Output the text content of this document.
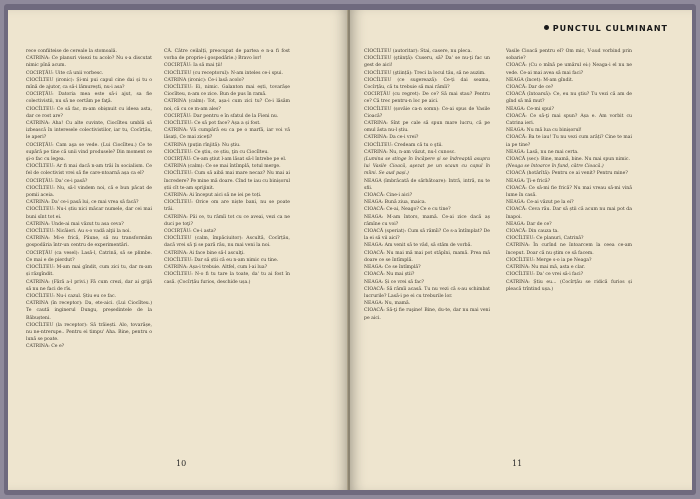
rece confiiteise de cereale la stomoalä.

CATRINA: Ce planuri visezi tu acolo? Nu s-a discutat nimic pînă acum.

COCIRȚĂU: Uite că unii vorbesc.

CIOCÎLTEU (ironic): Și-mi pui capul cine dai și tu o mînă de ajutor, ca să-i lămurești, nu-i asa?

COCIRȚĂU: Datoria mea este să-i ajut, sa fie colectivistii, nu să ne certăm pe faţă.

CIOCÎLTEU: Ce să fac, m-am obișnuit cu ideea asta, dar ce rost are?

CATRINA: Aha! Cu alte cuvinte, Ciocîlteu umblă să izbească în interesele colectivistilor, iar tu, Cocîrțău, le aperi?

COCIRȚĂU: Cam aşa se vede. (Lui Ciocîlteu.) Ce te supără pe tine că unii vind produsele? Din moment ce şi-o fac cu legea.

CIOCÎLTEU: Ar fi mai dacă n-am trăi în socialism. Ce fel de colectivist vrei să fie care-ntoarnă așa ca el?

COCIRȚĂU: Da' ce-i pasă?

CIOCÎLTEU: Nu, să-l vindem noi, că e bun păcat de pomii aceia.

CATRINA: Da' ce-i pasă lui, ce mai vrea să facă?

CIOCÎLTEU: Nu-i știu nici măcar numele, dar cei mai buni sînt tot ei.

CATRINA: Unde-ai mai văzut tu asa ceva?

CIOCÎLTEU: Nicăieri. Au s-o vadă alţii la noi.

CATRINA: Mi-e frică, Păune, să nu transformăm gospodăria într-un centru de experimentări.

COCIRȚĂU (ca vesel): Lasă-l, Catrină, să se plimbe. Ce mai e de pierdut?

CIOCÎLTEU: M-am mai gîndit, cum zici tu, dar m-am și răzgîndit.

CATRINA: (Fără a-l privi.) Fă cum crezi, dar ai grijă să nu ne faci de rîs.

CIOCÎLTEU: Nu-i cazul. Știu eu ce fac.

CATRINA (în receptor): Da, ete-aici. (Lui Ciocîlteu.) Te caută inginerul Dungu, președintele de la Băbușteni.

CIOCÎLTEU (la receptor): Să trăiești. Alo, tovarășe, nu ne-ntrerupe.. Pentru ei timpu' Aha. Bine, pentru o lună se poate.

CATRINA: Ce e?

CĂ. Către ceilalți, preocupat de partea e n-a fi fost vorba de proprie-i gospodărie.) Bravo lor!

COCIRȚĂU: Ia să mai ții!

CIOCÎLTEU (cu receptorul): N-am inteles ce-i spui.

CATRINA (ironic): Ce-i lasă acolo?

CIOCÎLTEU: Ei, nimic. Galanton mai ești, tovarășe Ciocîlteu, n-am ce zice. Bun de pus în ramă.

CATRINA (calm): Tot, așa-i cum zici tu? Ce-i lăsăm noi, că cu ce m-am ales?

COCIRȚĂU: Dar pentru e în sfatul de la Fieni nu.

CIOCÎLTEU: Ce să pot face? Așa a și fost.

CATRINA: Vă cumpără eu ca pe o marfă, iar voi vă lăsați, Ce mai ziceți?

CATRINA (puțin rînjită): Nu ştiu.

CIOCÎLTEU: Ce ştiu, ce știu, ţin cu Ciocîlteu.

COCIRȚĂU: Ce-am ştiut l-am lăsat să-l întrebe pe el.

CATRINA (calm): Ce se mai întîmplă, totul merge.

CIOCÎLTEU: Cum să aibă mai mare necaz? Nu mai ai încredere? Pe mine mă doare. Cînd te iau cu binișorul știi cît te-am sprijinit.

CATRINA: Ai început aici să ne iei pe toți.

CIOCÎLTEU: Orice om are niște bani, nu se poate trăi.

CATRINA: Păi ce, tu rămîi tot cu ce aveai, vezi ca ne duci pe toţi?

COCIRȚĂU: Ce-i asta?

CIOCÎLTEU (calm, împăciuitor): Ascultă, Cocîrțău, dacă vrei să ţi se pară rău, nu mai veni la noi.

CATRINA: Ai face bine să-l asculţi.

CIOCÎLTEU: Dar să știi că eu n-am nimic cu tine.

CATRINA: Așa-i trebuie. Altfel, cum l-ai lua?

CIOCÎLTEU: N-o fi tu tare la toate, da' tu ai fost în casă. (Cocîrțău furios, deschide ușa.)

10
PUNCTUL CULMINANT

CIOCÎLTEU (autoritar): Stai, casere, nu pleca.

CIOCÎLTEU (ştiință): Cuseru, să? Da' se nu-ţi fac un gest de aici!

CIOCÎLTEU (ştiință): Treci la locul tău, să ne auzim.

CIOCÎLTEU (ce sugerează): Ce-ți dai seama, Cocîrțău, că tu trebuie să mai rămîi?

COCIRȚĂU (cu regret): De ce? Să mai stau? Pentru ce? Că trec pentru-n loc pe aici.

CIOCÎLTEU (șovăie ca-n somn): Ce-ai spus de Vasile Cioacă?

CATRINA: Sînt pe cale să spun mare lucru, că pe omul ăsta nu-l știu.

CATRINA: Da ce-i vrei?

CIOCÎLTEU: Credeam că tu o ştii.

CATRINA: Nu, n-am văzut, nu-l cunosc.

(Lumina se stinge în încăpere și se îndreaptă asupra lui Vasile Cioacă, aşezat pe un scaun cu capul în mîini. Se aud pași.)

NEAGA (îmbrăcată de sărbătoare): Intră, intră, nu te sfii.

CIOACĂ: Cine-i aici?

NEAGA: Bună ziua, maica.

CIOACĂ: Ce-ai, Neago? Ce e cu tine?

NEAGA: M-am întors, mamă. Ce-ai zice dacă aș rămîne cu voi?

CIOACĂ (speriat): Cum să rămîi? Ce s-a întîmplat? De la ei să vii aici?

NEAGA: Am venit să te văd, să stăm de vorbă.

CIOACĂ: Nu mai mă mai pot stăpîni, mamă. Prea mă doare ce se întîmplă.

NEAGA: Ce se întîmplă?

CIOACĂ: Nu mai știi?

NEAGA: Și ce vrei să fac?

CIOACĂ: Să rămîi acasă. Tu nu vezi că s-au schimbat lucrurile? Lasă-i pe ei cu treburile lor.

NEAGA: Nu, mamă.

CIOACĂ: Să-ţi fie ruşine! Bine, du-te, dar nu mai veni pe aici.

Vasile Cioacă pentru el? Om mic, V-aud vorbind prin sobarie?

CIOACĂ: (Cu o mînă pe umărul ei:) Neaga-i el nu ne vede. Ce-ai mai avea să mai faci?

NEAGA (încet): M-am gîndit.

CIOACĂ: Dar de ce?

CIOACĂ (întoarsă): Ce, eu nu ştiu? Tu vezi că am de gînd să mă mut?

NEAGA: Ce-mi spui?

CIOACĂ: Ce să-ţi mai spun? Așa e. Am vorbit cu Catrina ieri.

NEAGA: Nu mă lua cu binișorul!

CIOACĂ: Ba te iau! Tu nu vezi cum arăți? Cine te mai ia pe tine?

NEAGA: Lasă, nu ne mai certa.

CIOACĂ (sec): Bine, mamă, bine. Nu mai spun nimic.

(Neaga se întoarce în fund, către Cioacă.)

CIOACĂ (hotărîtă): Pentru ce ai venit? Pentru mine?

NEAGA: Ţi-e frică?

CIOACĂ: Ce să-mi fie frică? Nu mai vreau să-mi vină lume în casă.

NEAGA: Ce-ai văzut pe la ei?

CIOACĂ: Ceva rău. Dar să știi că acum nu mai pot da înapoi.

NEAGA: Dar de ce?

CIOACĂ: Din cauza ta.

CIOCÎLTEU: Ce planuri, Catrină?

CATRINA: În curînd ne întoarcem la ceea ce-am început. Doar că nu ştim ce să facem.

CIOCÎLTEU: Merge s-o ia pe Neaga?

CATRINA: Nu mai mă, asta e clar.

CIOCÎLTEU: Da' ce vrei să-i faci?

CATRINA: Știu eu... (Cocîrțău se ridică furios și pleacă trîntind ușa.)

11
